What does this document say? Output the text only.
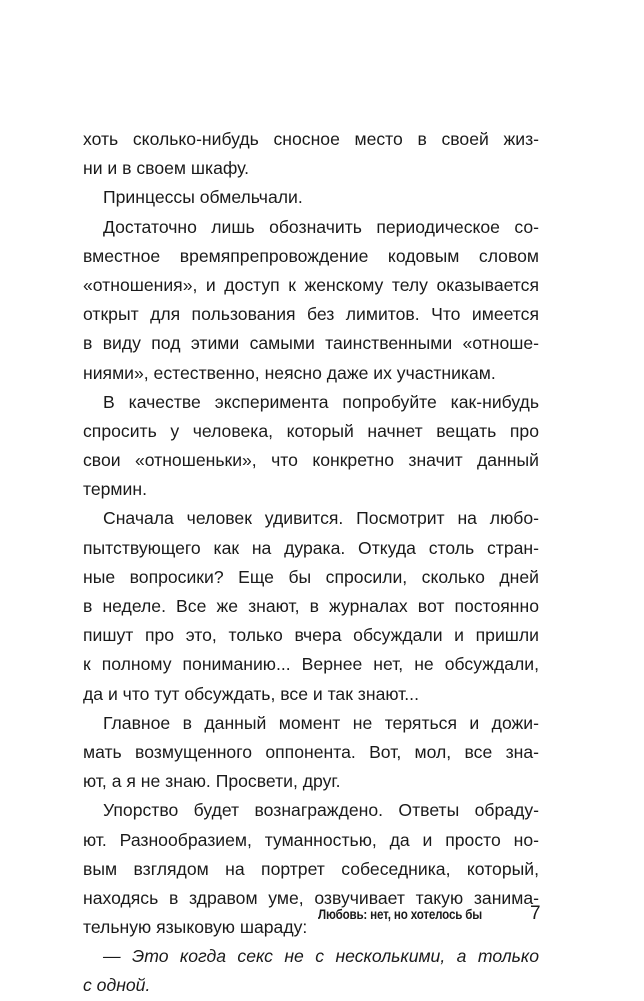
хоть сколько-нибудь сносное место в своей жиз-
ни и в своем шкафу.
Принцессы обмельчали.
Достаточно лишь обозначить периодическое со-
вместное времяпрепровождение кодовым словом
«отношения», и доступ к женскому телу оказывается
открыт для пользования без лимитов. Что имеется
в виду под этими самыми таинственными «отноше-
ниями», естественно, неясно даже их участникам.
В качестве эксперимента попробуйте как-нибудь
спросить у человека, который начнет вещать про
свои «отношеньки», что конкретно значит данный
термин.
Сначала человек удивится. Посмотрит на любо-
пытствующего как на дурака. Откуда столь стран-
ные вопросики? Еще бы спросили, сколько дней
в неделе. Все же знают, в журналах вот постоянно
пишут про это, только вчера обсуждали и пришли
к полному пониманию... Вернее нет, не обсуждали,
да и что тут обсуждать, все и так знают...
Главное в данный момент не теряться и дожи-
мать возмущенного оппонента. Вот, мол, все зна-
ют, а я не знаю. Просвети, друг.
Упорство будет вознаграждено. Ответы обраду-
ют. Разнообразием, туманностью, да и просто но-
вым взглядом на портрет собеседника, который,
находясь в здравом уме, озвучивает такую занима-
тельную языковую шараду:
— Это когда секс не с несколькими, а только
с одной.
Любовь: нет, но хотелось бы	7
